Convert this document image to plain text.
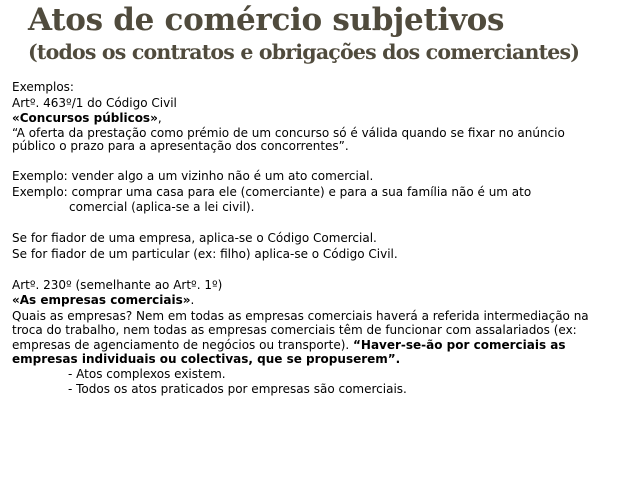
Atos de comércio subjetivos
(todos os contratos e obrigações dos comerciantes)

Exemplos:

Artº. 463º/1 do Código Civil

«Concursos públicos»,

“A oferta da prestação como prémio de um concurso só é válida quando se fixar no anúncio público o prazo para a apresentação dos concorrentes”.

Exemplo: vender algo a um vizinho não é um ato comercial.

Exemplo: comprar uma casa para ele (comerciante) e para a sua família não é um ato

comercial (aplica-se a lei civil).

Se for fiador de uma empresa, aplica-se o Código Comercial.

Se for fiador de um particular (ex: filho) aplica-se o Código Civil.

Artº. 230º (semelhante ao Artº. 1º)

«As empresas comerciais».

Quais as empresas? Nem em todas as empresas comerciais haverá a referida intermediação na troca do trabalho, nem todas as empresas comerciais têm de funcionar com assalariados (ex: empresas de agenciamento de negócios ou transporte). “Haver-se-ão por comerciais as empresas individuais ou colectivas, que se propuserem”.

- Atos complexos existem.

- Todos os atos praticados por empresas são comerciais.
